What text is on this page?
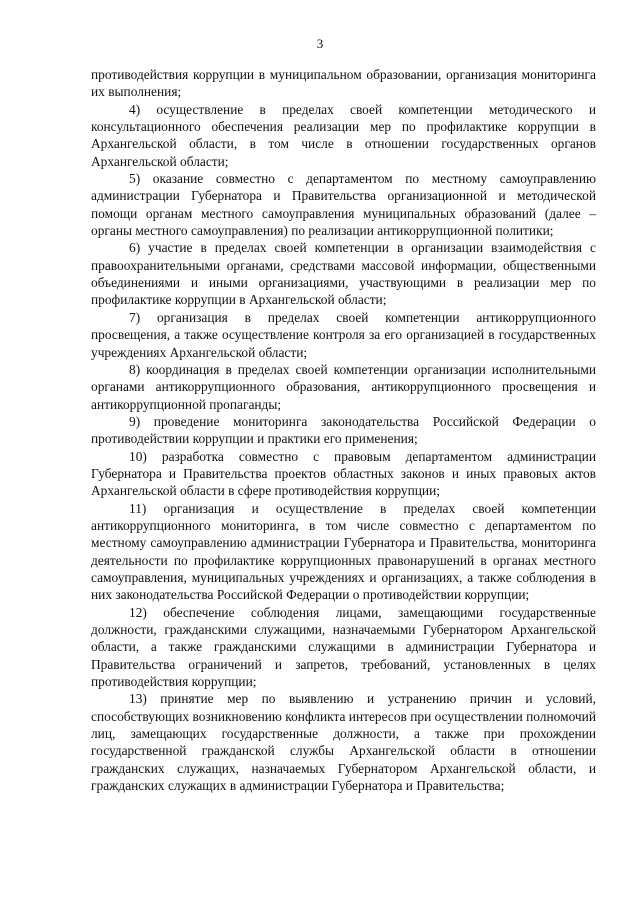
3

противодействия коррупции в муниципальном образовании, организация мониторинга их выполнения;

4) осуществление в пределах своей компетенции методического и консультационного обеспечения реализации мер по профилактике коррупции в Архангельской области, в том числе в отношении государственных органов Архангельской области;

5) оказание совместно с департаментом по местному самоуправлению администрации Губернатора и Правительства организационной и методической помощи органам местного самоуправления муниципальных образований (далее – органы местного самоуправления) по реализации антикоррупционной политики;

6) участие в пределах своей компетенции в организации взаимодействия с правоохранительными органами, средствами массовой информации, общественными объединениями и иными организациями, участвующими в реализации мер по профилактике коррупции в Архангельской области;

7) организация в пределах своей компетенции антикоррупционного просвещения, а также осуществление контроля за его организацией в государственных учреждениях Архангельской области;

8) координация в пределах своей компетенции организации исполнительными органами антикоррупционного образования, антикоррупционного просвещения и антикоррупционной пропаганды;

9) проведение мониторинга законодательства Российской Федерации о противодействии коррупции и практики его применения;

10) разработка совместно с правовым департаментом администрации Губернатора и Правительства проектов областных законов и иных правовых актов Архангельской области в сфере противодействия коррупции;

11) организация и осуществление в пределах своей компетенции антикоррупционного мониторинга, в том числе совместно с департаментом по местному самоуправлению администрации Губернатора и Правительства, мониторинга деятельности по профилактике коррупционных правонарушений в органах местного самоуправления, муниципальных учреждениях и организациях, а также соблюдения в них законодательства Российской Федерации о противодействии коррупции;

12) обеспечение соблюдения лицами, замещающими государственные должности, гражданскими служащими, назначаемыми Губернатором Архангельской области, а также гражданскими служащими в администрации Губернатора и Правительства ограничений и запретов, требований, установленных в целях противодействия коррупции;

13) принятие мер по выявлению и устранению причин и условий, способствующих возникновению конфликта интересов при осуществлении полномочий лиц, замещающих государственные должности, а также при прохождении государственной гражданской службы Архангельской области в отношении гражданских служащих, назначаемых Губернатором Архангельской области, и гражданских служащих в администрации Губернатора и Правительства;
